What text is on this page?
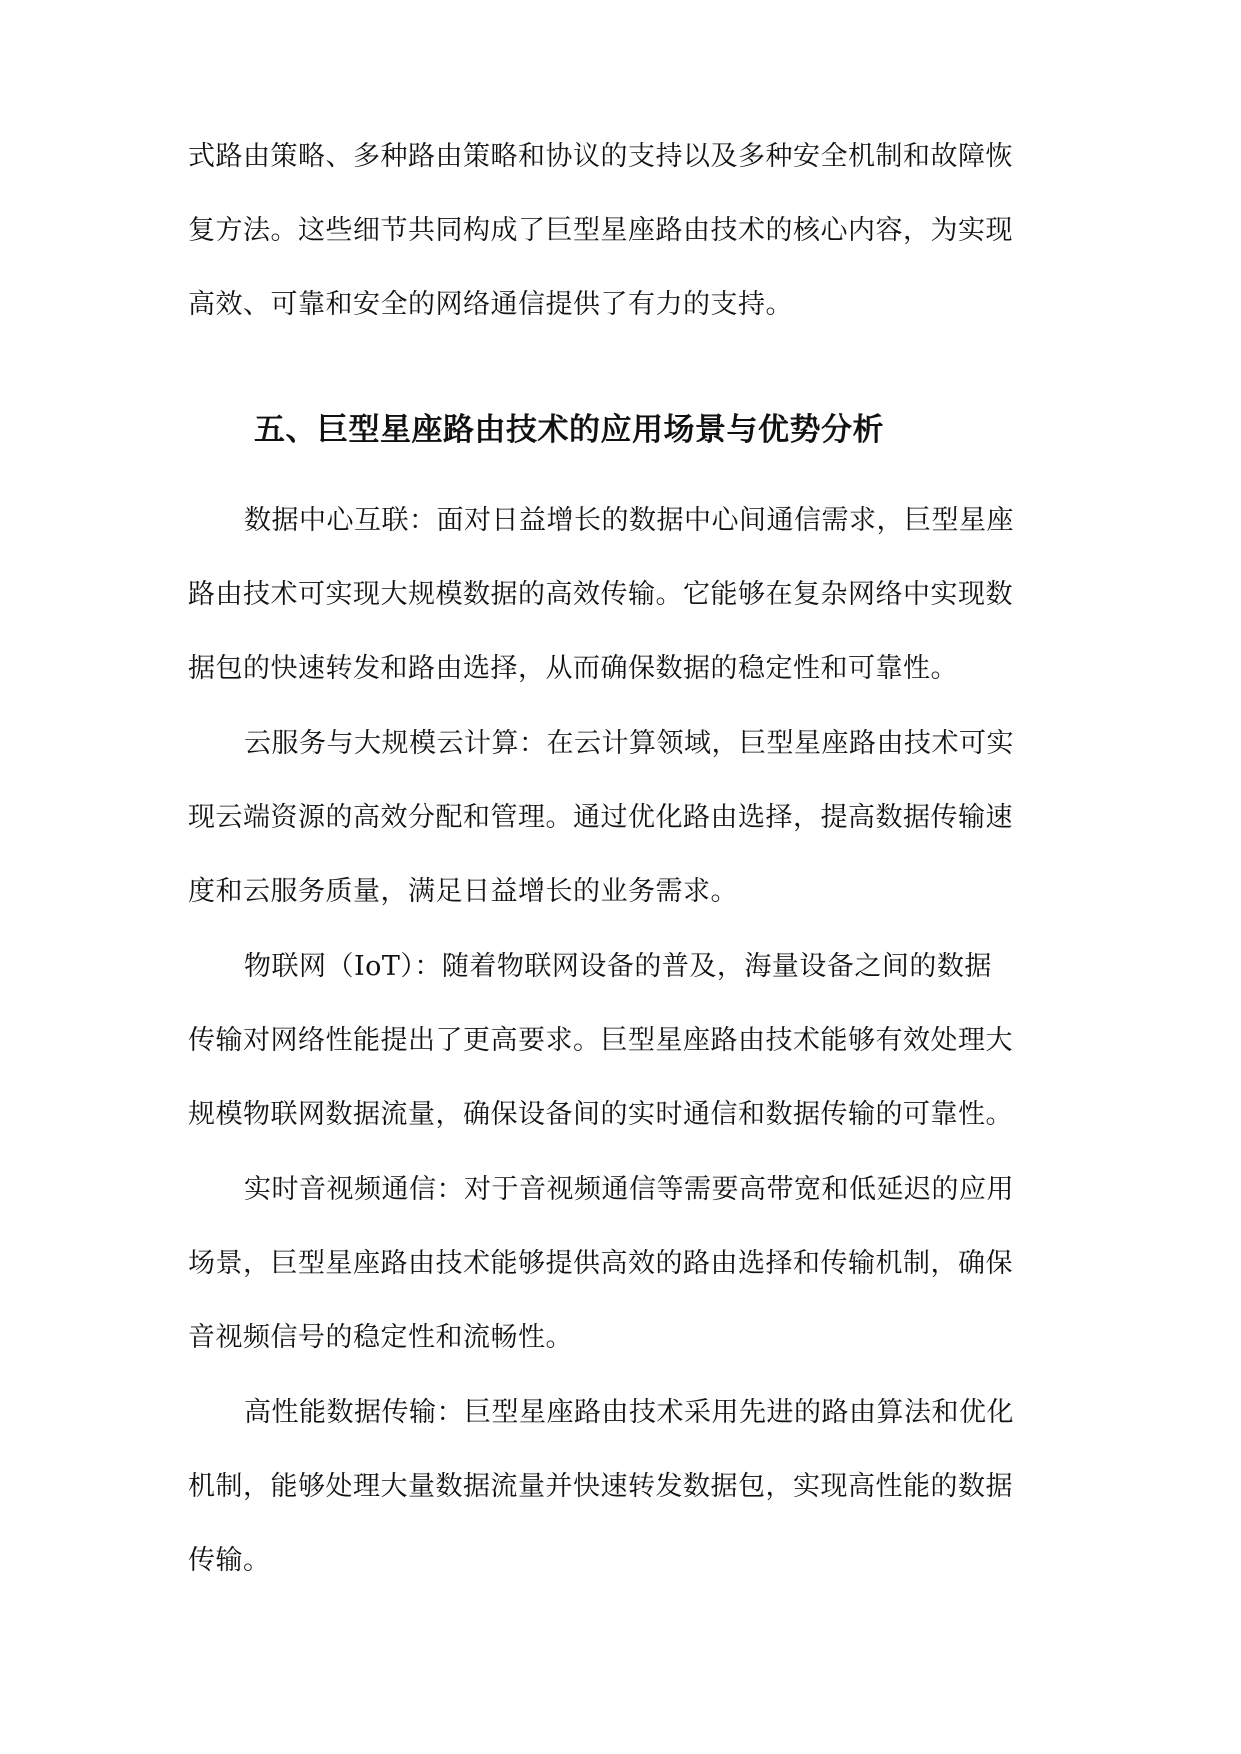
式路由策略、多种路由策略和协议的支持以及多种安全机制和故障恢
复方法。这些细节共同构成了巨型星座路由技术的核心内容，为实现
高效、可靠和安全的网络通信提供了有力的支持。
五、巨型星座路由技术的应用场景与优势分析
数据中心互联：面对日益增长的数据中心间通信需求，巨型星座
路由技术可实现大规模数据的高效传输。它能够在复杂网络中实现数
据包的快速转发和路由选择，从而确保数据的稳定性和可靠性。
云服务与大规模云计算：在云计算领域，巨型星座路由技术可实
现云端资源的高效分配和管理。通过优化路由选择，提高数据传输速
度和云服务质量，满足日益增长的业务需求。
物联网（IoT）：随着物联网设备的普及，海量设备之间的数据
传输对网络性能提出了更高要求。巨型星座路由技术能够有效处理大
规模物联网数据流量，确保设备间的实时通信和数据传输的可靠性。
实时音视频通信：对于音视频通信等需要高带宽和低延迟的应用
场景，巨型星座路由技术能够提供高效的路由选择和传输机制，确保
音视频信号的稳定性和流畅性。
高性能数据传输：巨型星座路由技术采用先进的路由算法和优化
机制，能够处理大量数据流量并快速转发数据包，实现高性能的数据
传输。
